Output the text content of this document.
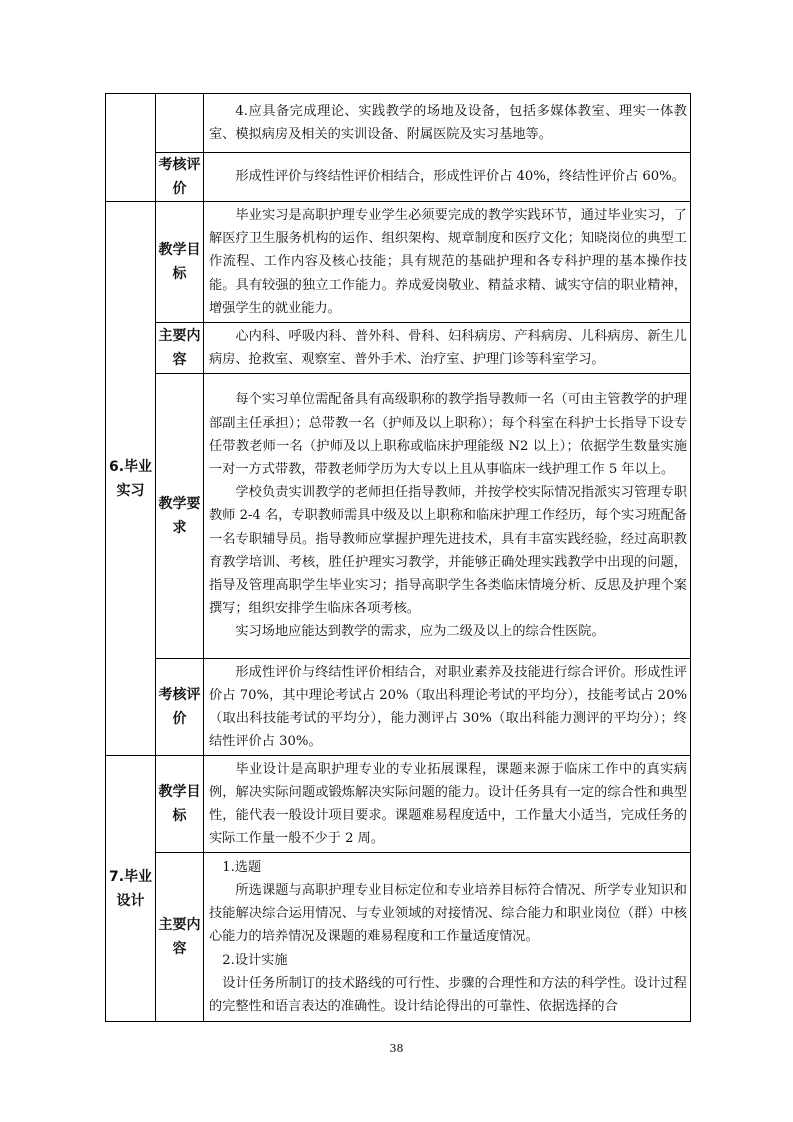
		4.应具备完成理论、实践教学的场地及设备，包括多媒体教室、理实一体教室、模拟病房及相关的实训设备、附属医院及实习基地等。

	考核评价	形成性评价与终结性评价相结合，形成性评价占 40%，终结性评价占 60%。

6.毕业实习	教学目标	毕业实习是高职护理专业学生必须要完成的教学实践环节，通过毕业实习，了解医疗卫生服务机构的运作、组织架构、规章制度和医疗文化；知晓岗位的典型工作流程、工作内容及核心技能；具有规范的基础护理和各专科护理的基本操作技能。具有较强的独立工作能力。养成爱岗敬业、精益求精、诚实守信的职业精神，增强学生的就业能力。

	主要内容	心内科、呼吸内科、普外科、骨科、妇科病房、产科病房、儿科病房、新生儿病房、抢救室、观察室、普外手术、治疗室、护理门诊等科室学习。

	教学要求	每个实习单位需配备具有高级职称的教学指导教师一名（可由主管教学的护理部副主任承担）；总带教一名（护师及以上职称）；每个科室在科护士长指导下设专任带教老师一名（护师及以上职称或临床护理能级 N2 以上）；依据学生数量实施一对一方式带教，带教老师学历为大专以上且从事临床一线护理工作 5 年以上。

学校负责实训教学的老师担任指导教师，并按学校实际情况指派实习管理专职教师 2-4 名，专职教师需具中级及以上职称和临床护理工作经历，每个实习班配备一名专职辅导员。指导教师应掌握护理先进技术，具有丰富实践经验，经过高职教育教学培训、考核，胜任护理实习教学，并能够正确处理实践教学中出现的问题，指导及管理高职学生毕业实习；指导高职学生各类临床情境分析、反思及护理个案撰写；组织安排学生临床各项考核。

实习场地应能达到教学的需求，应为二级及以上的综合性医院。

	考核评价	形成性评价与终结性评价相结合，对职业素养及技能进行综合评价。形成性评价占 70%，其中理论考试占 20%（取出科理论考试的平均分），技能考试占 20%（取出科技能考试的平均分），能力测评占 30%（取出科能力测评的平均分）；终结性评价占 30%。

7.毕业设计	教学目标	毕业设计是高职护理专业的专业拓展课程，课题来源于临床工作中的真实病例，解决实际问题或锻炼解决实际问题的能力。设计任务具有一定的综合性和典型性，能代表一般设计项目要求。课题难易程度适中，工作量大小适当，完成任务的实际工作量一般不少于 2 周。

	主要内容	1.选题

所选课题与高职护理专业目标定位和专业培养目标符合情况、所学专业知识和技能解决综合运用情况、与专业领域的对接情况、综合能力和职业岗位（群）中核心能力的培养情况及课题的难易程度和工作量适度情况。

2.设计实施

设计任务所制订的技术路线的可行性、步骤的合理性和方法的科学性。设计过程的完整性和语言表达的准确性。设计结论得出的可靠性、依据选择的合

38
